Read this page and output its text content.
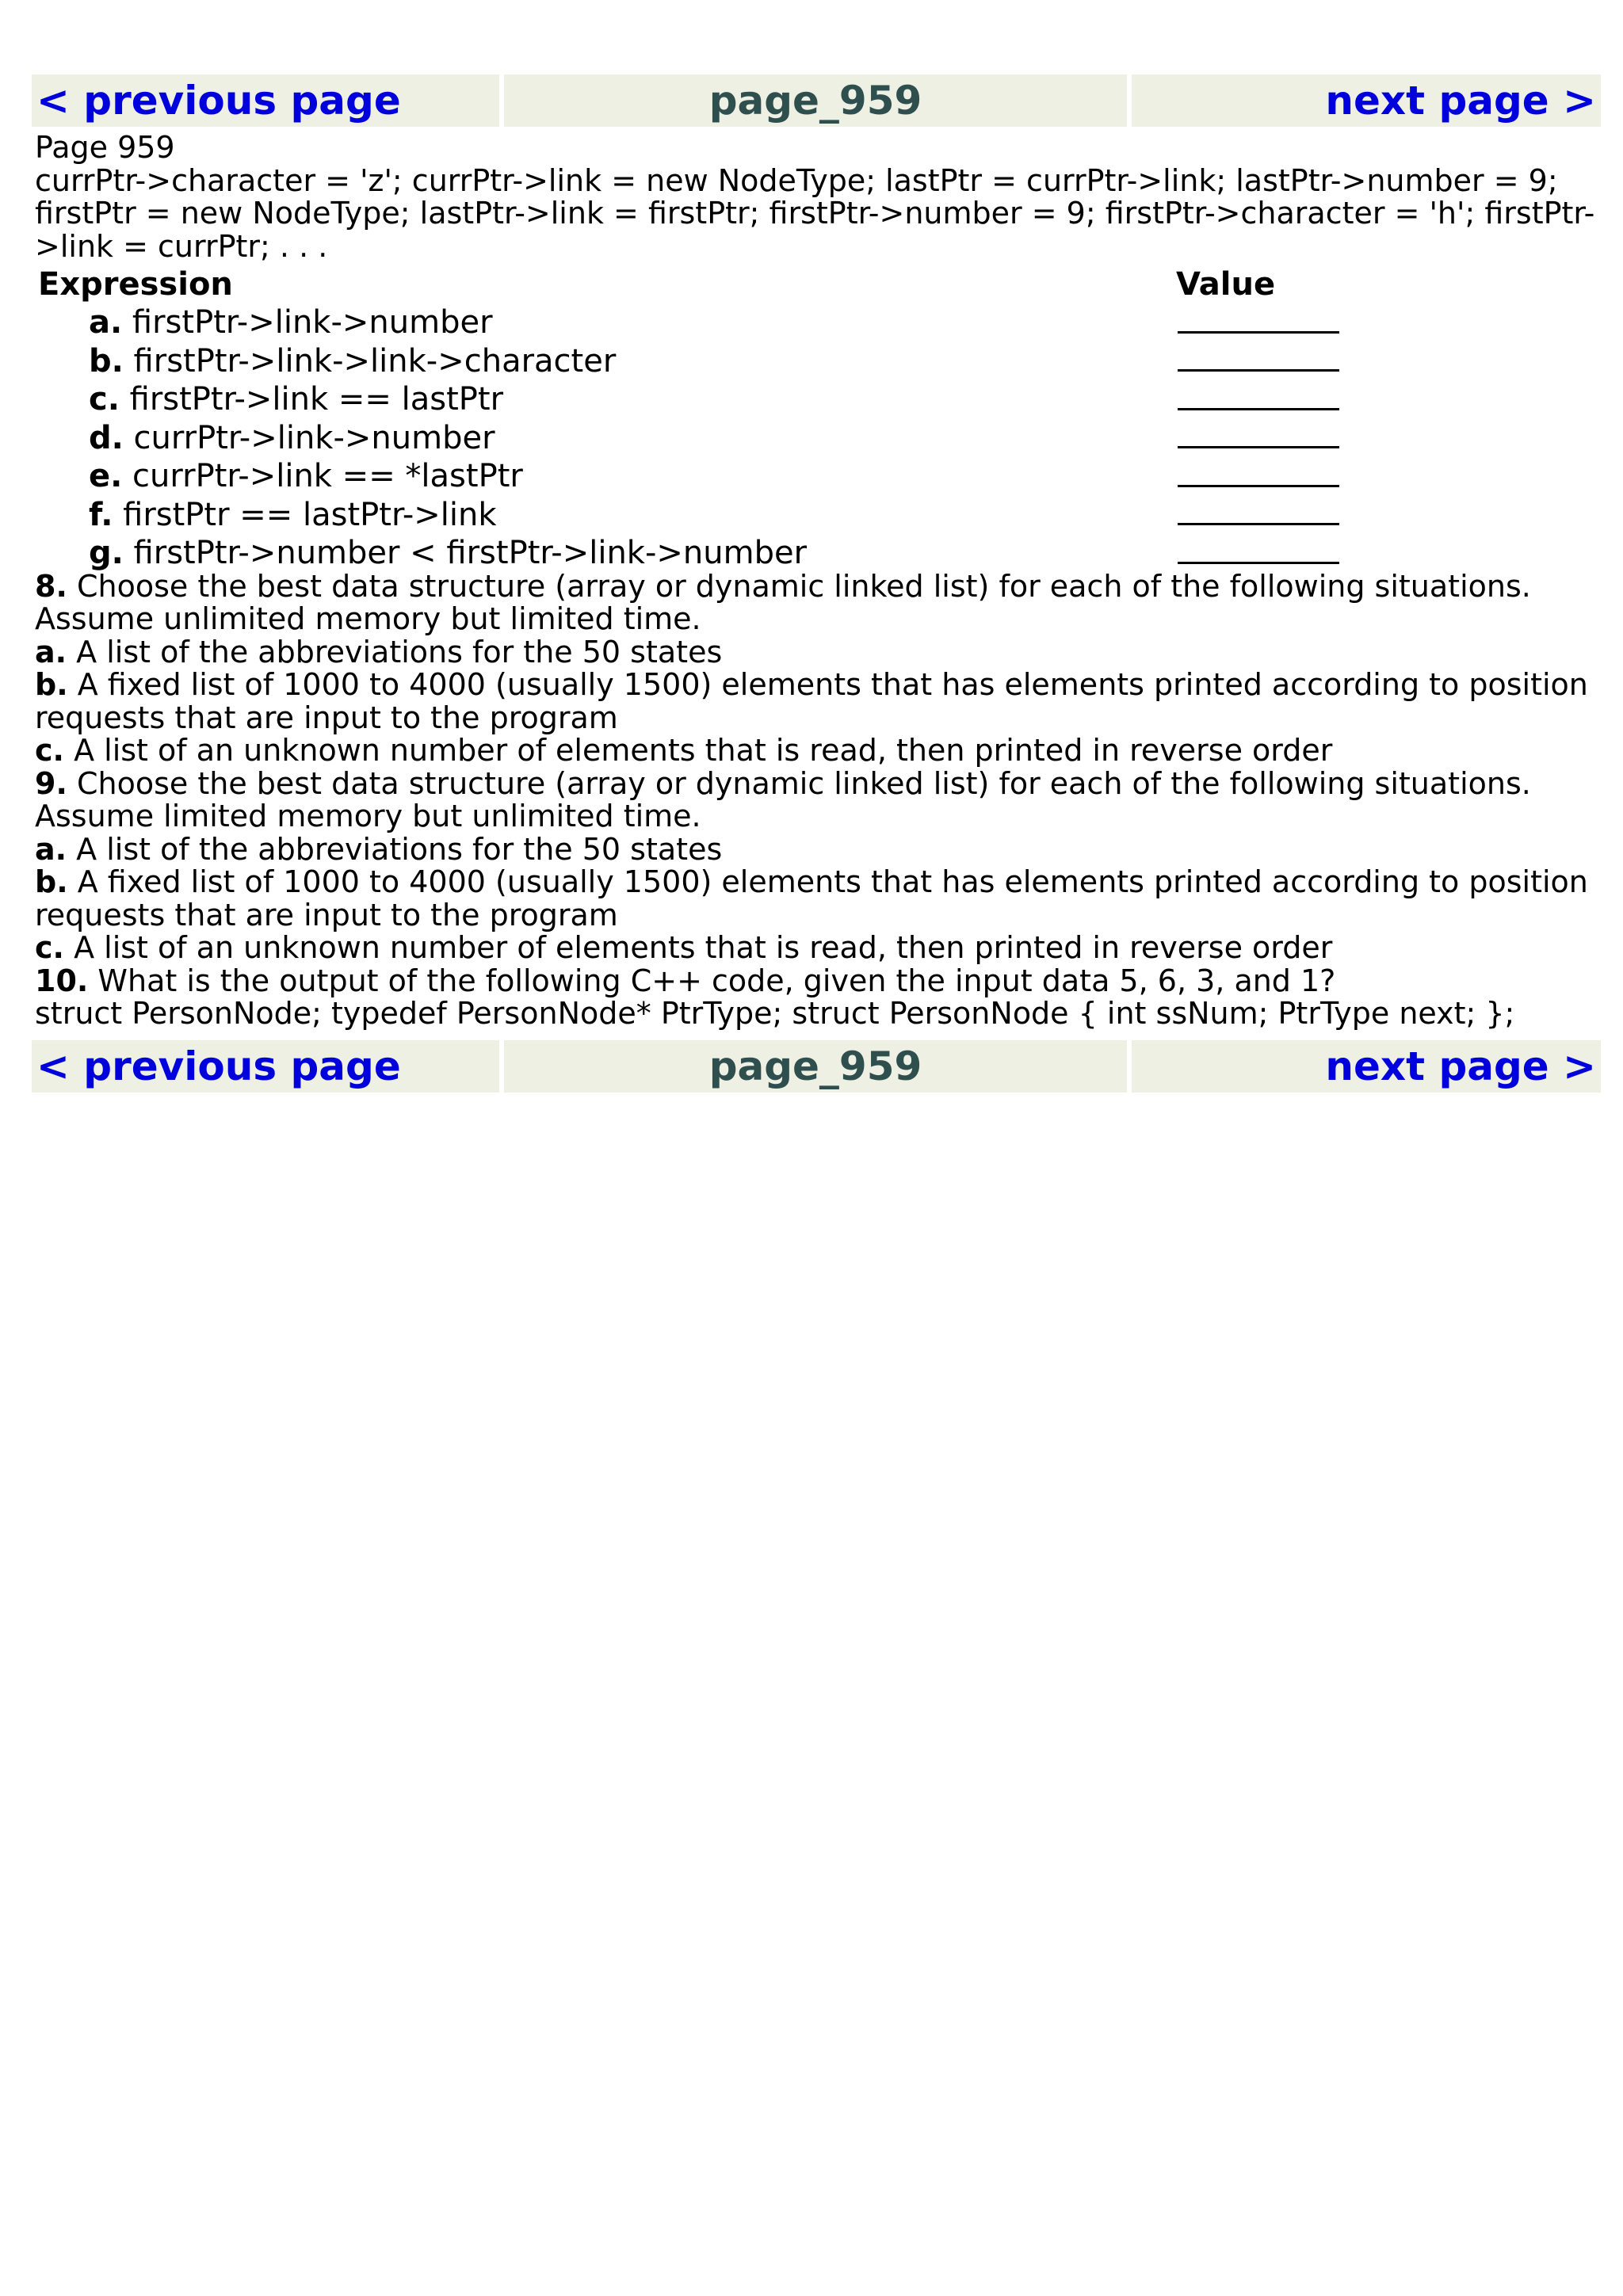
< previous page	page_959	next page >
Page 959
currPtr->character = 'z'; currPtr->link = new NodeType; lastPtr = currPtr->link; lastPtr->number = 9;
firstPtr = new NodeType; lastPtr->link = firstPtr; firstPtr->number = 9; firstPtr->character = 'h'; firstPtr-
>link = currPtr; . . .
Expression	Value
a. firstPtr->link->number
b. firstPtr->link->link->character
c. firstPtr->link == lastPtr
d. currPtr->link->number
e. currPtr->link == *lastPtr
f. firstPtr == lastPtr->link
g. firstPtr->number < firstPtr->link->number
8. Choose the best data structure (array or dynamic linked list) for each of the following situations.
Assume unlimited memory but limited time.
a. A list of the abbreviations for the 50 states
b. A fixed list of 1000 to 4000 (usually 1500) elements that has elements printed according to position
requests that are input to the program
c. A list of an unknown number of elements that is read, then printed in reverse order
9. Choose the best data structure (array or dynamic linked list) for each of the following situations.
Assume limited memory but unlimited time.
a. A list of the abbreviations for the 50 states
b. A fixed list of 1000 to 4000 (usually 1500) elements that has elements printed according to position
requests that are input to the program
c. A list of an unknown number of elements that is read, then printed in reverse order
10. What is the output of the following C++ code, given the input data 5, 6, 3, and 1?
struct PersonNode; typedef PersonNode* PtrType; struct PersonNode { int ssNum; PtrType next; };
< previous page	page_959	next page >
